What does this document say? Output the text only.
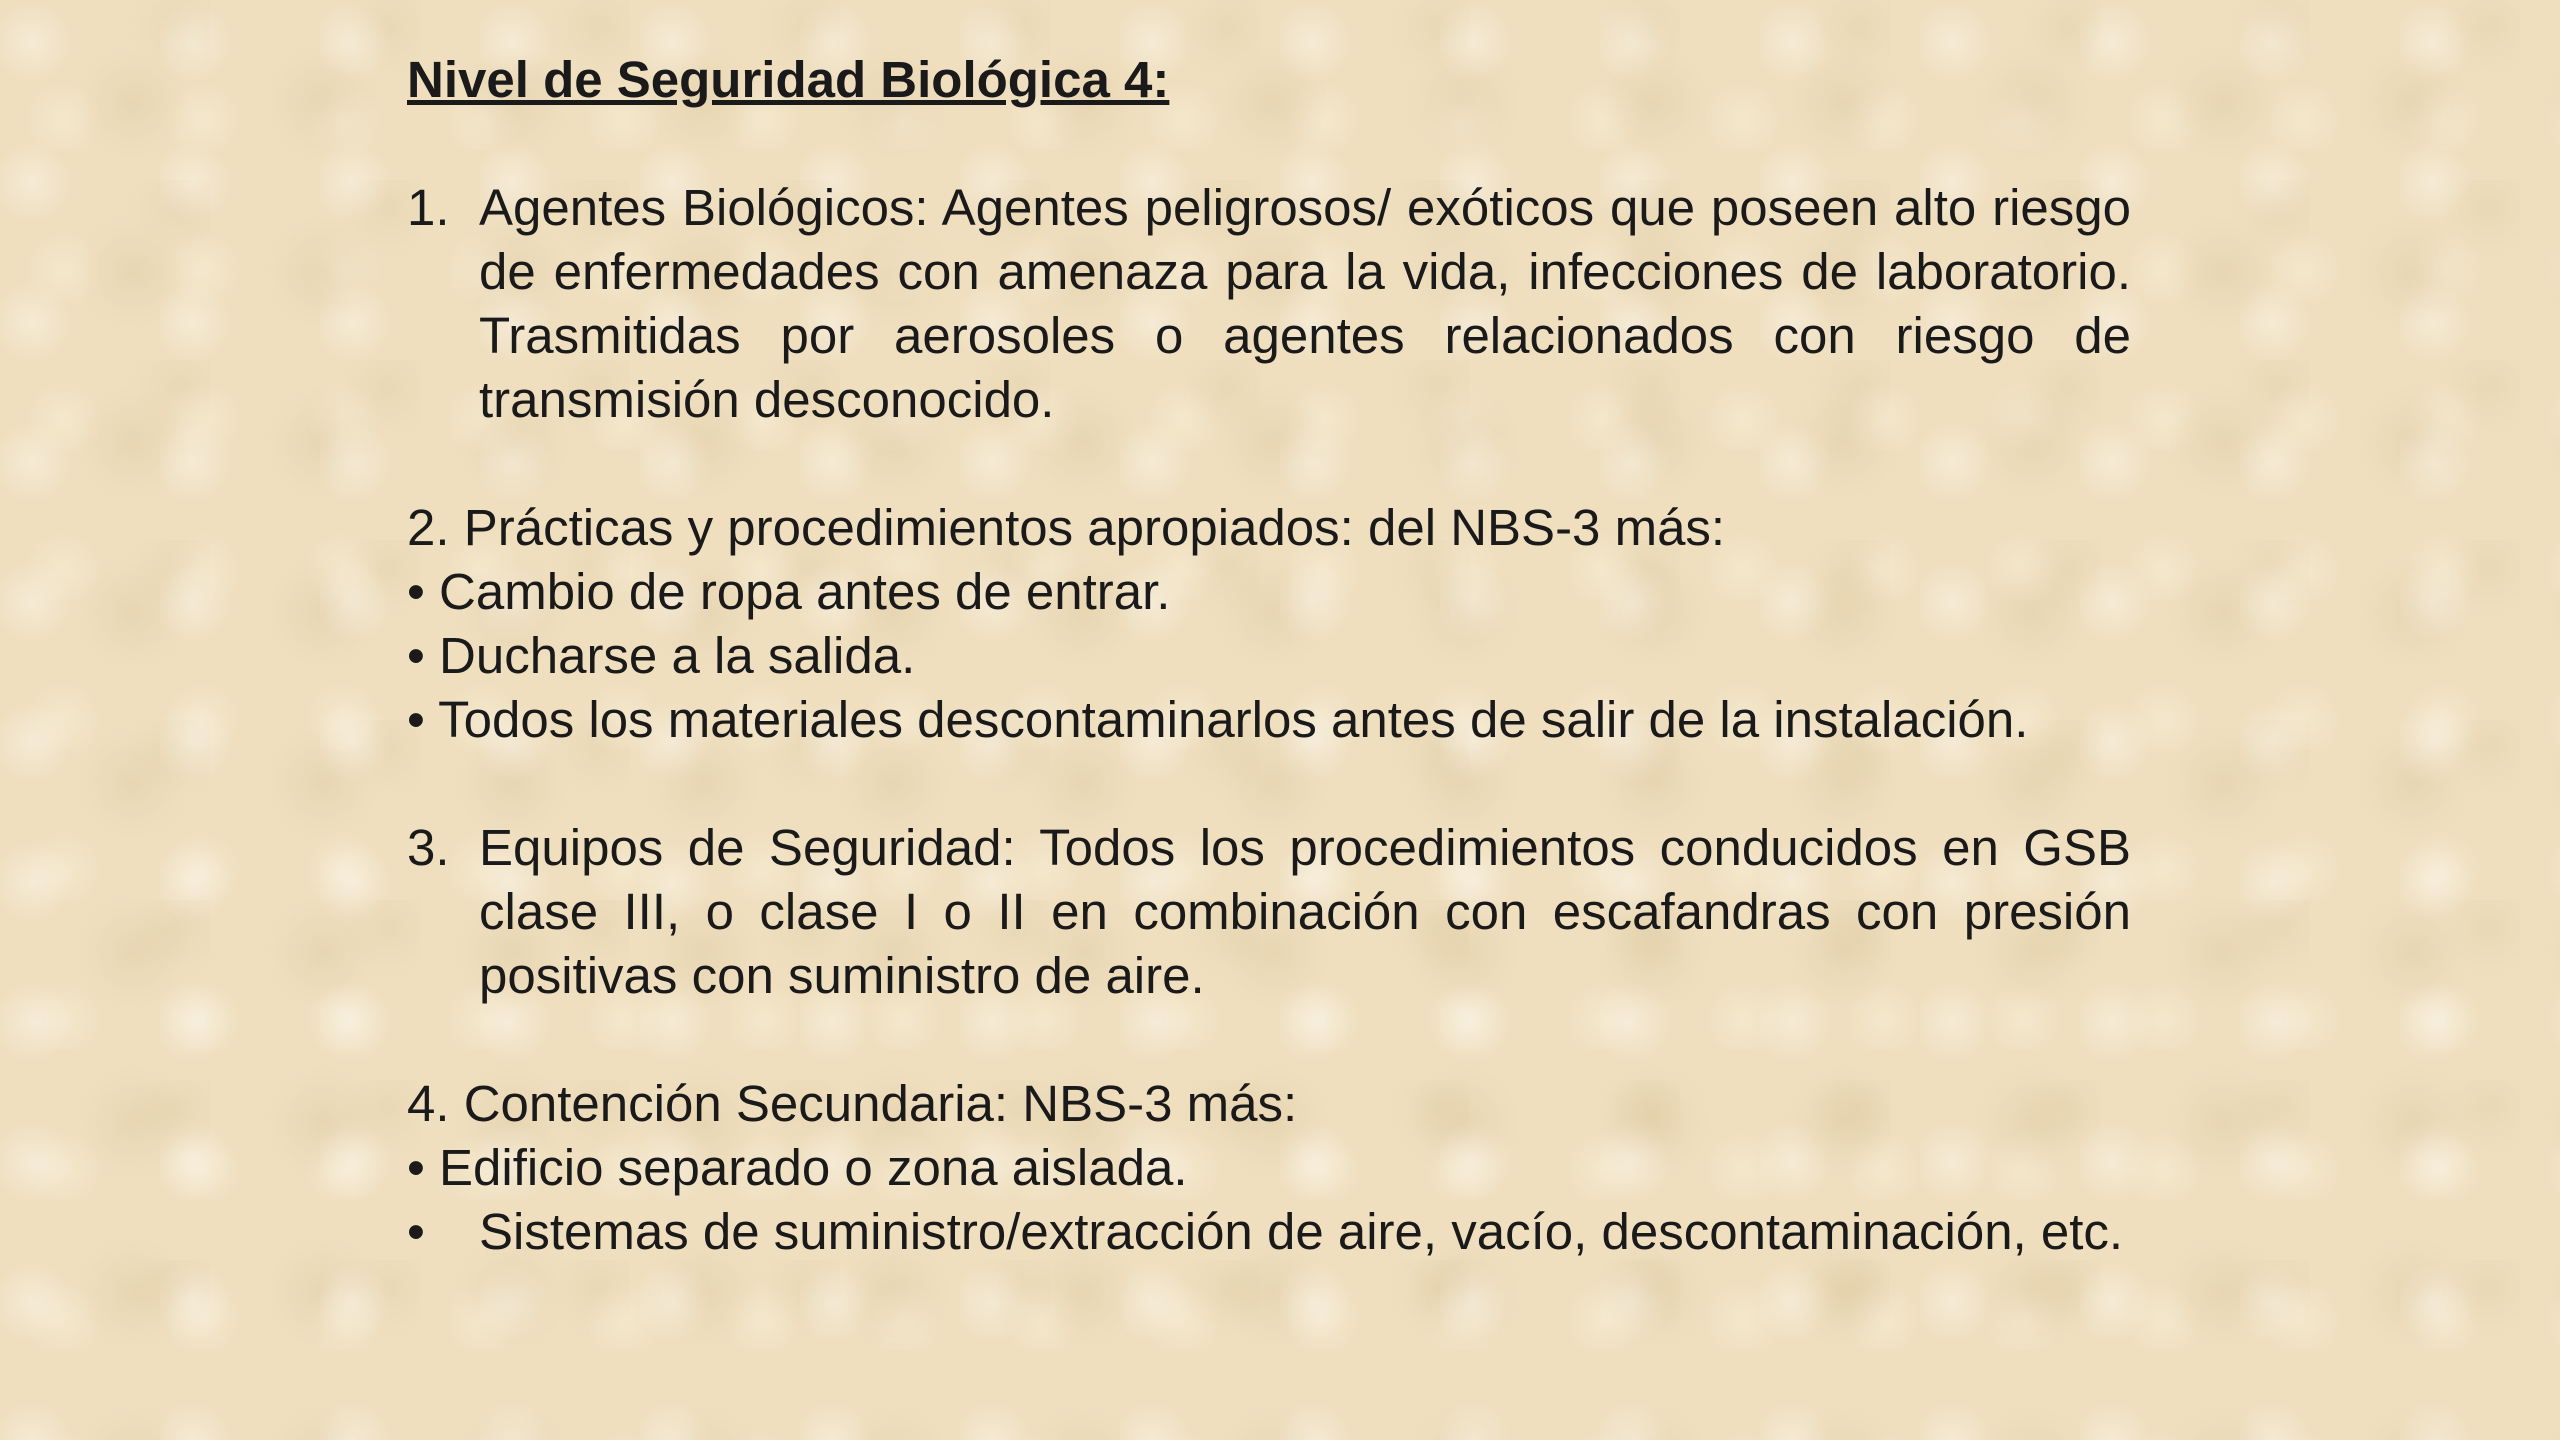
Nivel de Seguridad Biológica 4:
1. Agentes Biológicos: Agentes peligrosos/ exóticos que poseen alto riesgo de enfermedades con amenaza para la vida, infecciones de laboratorio. Trasmitidas por aerosoles o agentes relacionados con riesgo de transmisión desconocido.
2. Prácticas y procedimientos apropiados: del NBS-3 más:
• Cambio de ropa antes de entrar.
• Ducharse a la salida.
• Todos los materiales descontaminarlos antes de salir de la instalación.
3. Equipos de Seguridad: Todos los procedimientos conducidos en GSB clase III, o clase I o II en combinación con escafandras con presión positivas con suministro de aire.
4. Contención Secundaria: NBS-3 más:
• Edificio separado o zona aislada.
•	Sistemas de suministro/extracción de aire, vacío, descontaminación, etc.
